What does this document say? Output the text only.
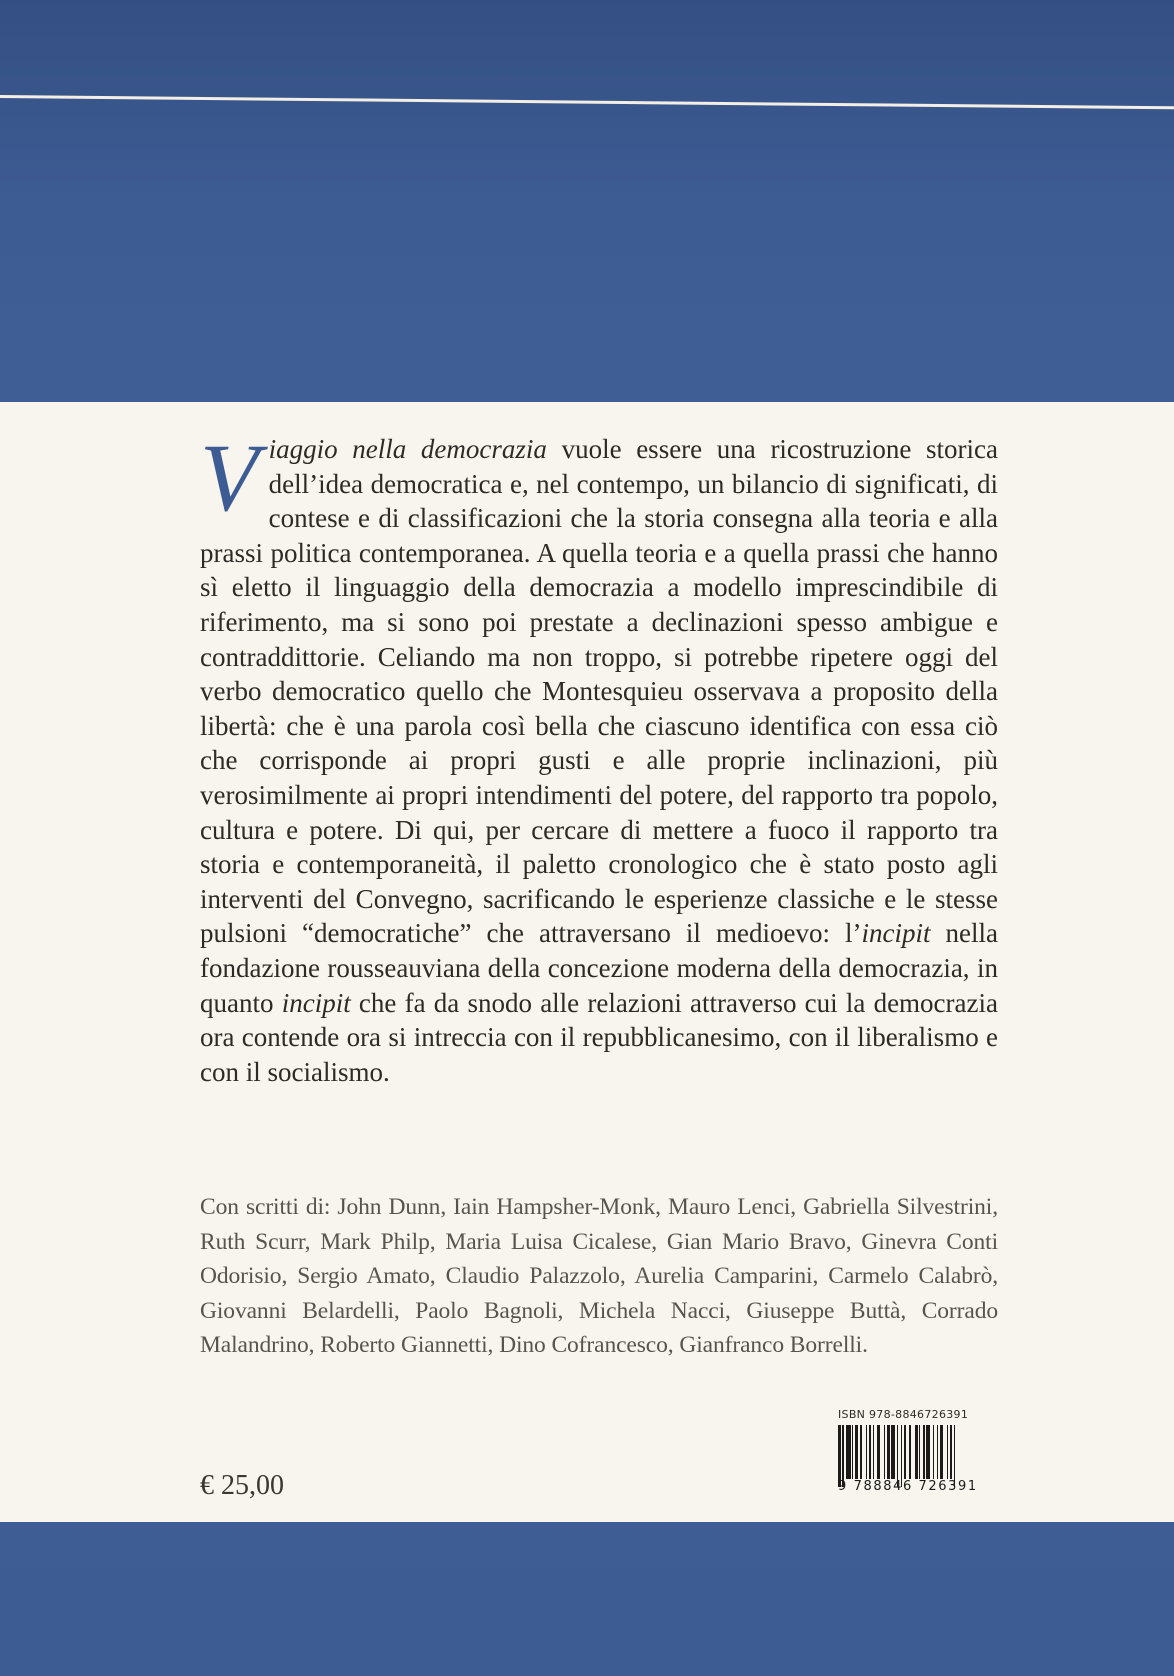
Viaggio nella democrazia vuole essere una ricostruzione storica dell’idea democratica e, nel contempo, un bilancio di significati, di contese e di classificazioni che la storia consegna alla teoria e alla prassi politica contemporanea. A quella teoria e a quella prassi che hanno sì eletto il linguaggio della democrazia a modello imprescindibile di riferimento, ma si sono poi prestate a declinazioni spesso ambigue e contraddittorie. Celiando ma non troppo, si potrebbe ripetere oggi del verbo democratico quello che Montesquieu osservava a proposito della libertà: che è una parola così bella che ciascuno identifica con essa ciò che corrisponde ai propri gusti e alle proprie inclinazioni, più verosimilmente ai propri intendimenti del potere, del rapporto tra popolo, cultura e potere. Di qui, per cercare di mettere a fuoco il rapporto tra storia e contemporaneità, il paletto cronologico che è stato posto agli interventi del Convegno, sacrificando le esperienze classiche e le stesse pulsioni “democratiche” che attraversano il medioevo: l’incipit nella fondazione rousseauviana della concezione moderna della democrazia, in quanto incipit che fa da snodo alle relazioni attraverso cui la democrazia ora contende ora si intreccia con il repubblicanesimo, con il liberalismo e con il socialismo.
Con scritti di: John Dunn, Iain Hampsher-Monk, Mauro Lenci, Gabriella Silvestrini, Ruth Scurr, Mark Philp, Maria Luisa Cicalese, Gian Mario Bravo, Ginevra Conti Odorisio, Sergio Amato, Claudio Palazzolo, Aurelia Camparini, Carmelo Calabrò, Giovanni Belardelli, Paolo Bagnoli, Michela Nacci, Giuseppe Buttà, Corrado Malandrino, Roberto Giannetti, Dino Cofrancesco, Gianfranco Borrelli.
€ 25,00
ISBN 978-8846726391
9 788846 726391
